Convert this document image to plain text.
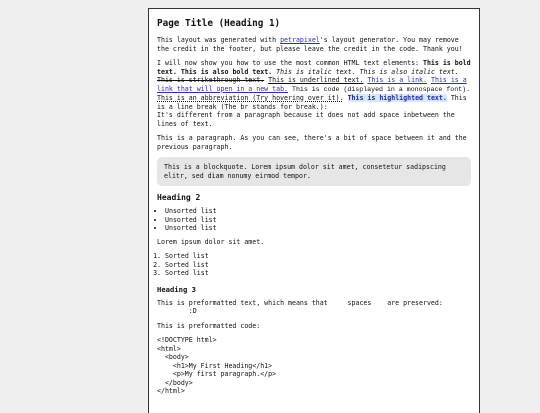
Page Title (Heading 1)

This layout was generated with petrapixel's layout generator. You may remove the credit in the footer, but please leave the credit in the code. Thank you!

I will now show you how to use the most common HTML text elements: This is bold text. This is also bold text. This is italic text. This is also italic text. This is strikethrough text. This is underlined text. This is a link. This is a link that will open in a new tab. This is code (displayed in a monospace font). This is an abbreviation (Try hovering over it). This is highlighted text. This is a line break (The br stands for break.):
It's different from a paragraph because it does not add space inbetween the lines of text.

This is a paragraph. As you can see, there's a bit of space between it and the previous paragraph.

This is a blockquote. Lorem ipsum dolor sit amet, consetetur sadipscing elitr, sed diam nonumy eirmod tempor.
Heading 2
• Unsorted list
• Unsorted list
• Unsorted list

Lorem ipsum dolor sit amet.

1. Sorted list
2. Sorted list
3. Sorted list
Heading 3
This is preformatted text, which means that     spaces    are preserved:
:D

This is preformatted code:

<!DOCTYPE html>
<html>
<body>
<h1>My First Heading</h1>
<p>My first paragraph.</p>
</body>
</html>
